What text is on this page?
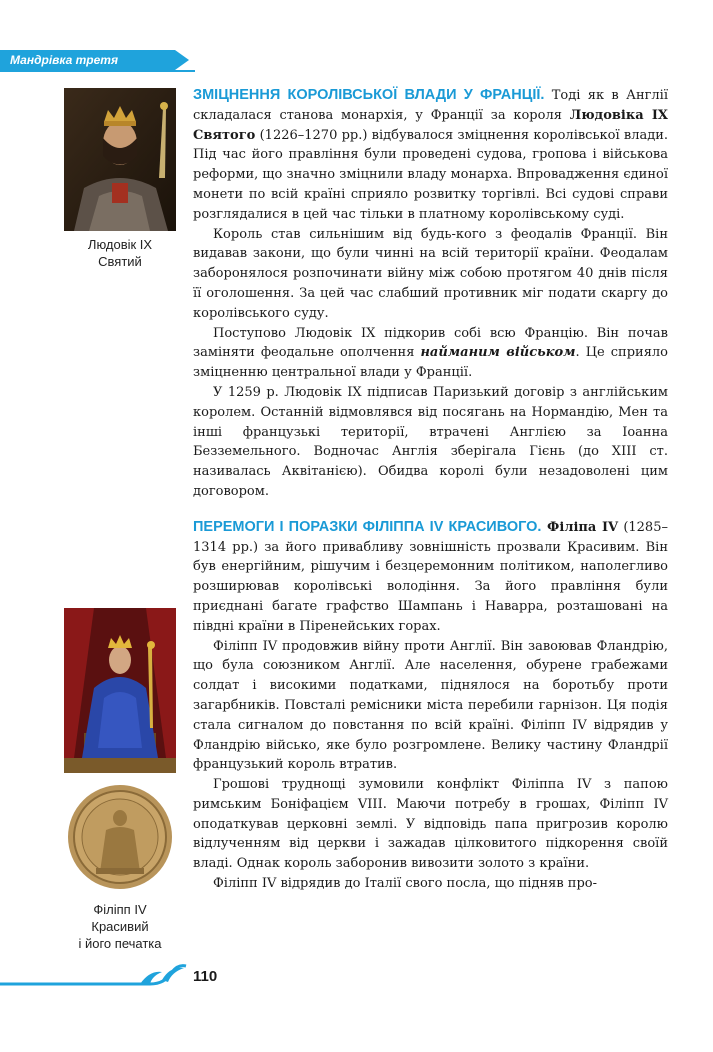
Мандрівка третя
Людовік IX
Святий
Філіпп IV
Красивий
і його печатка

ЗМІЦНЕННЯ КОРОЛІВСЬКОЇ ВЛАДИ У ФРАНЦІЇ. Тоді як в Англії складалася станова монархія, у Франції за короля Людовіка IX Святого (1226–1270 рр.) відбувалося зміцнення королівської влади. Під час його правління були проведені судова, гропова і військова реформи, що значно зміцнили владу монарха. Впровадження єдиної монети по всій країні сприяло розвитку торгівлі. Всі судові справи розглядалися в цей час тільки в платному королівському суді.

Король став сильнішим від будь-кого з феодалів Франції. Він видавав закони, що були чинні на всій території країни. Феодалам заборонялося розпочинати війну між собою протягом 40 днів після її оголошення. За цей час слабший противник міг подати скаргу до королівського суду.

Поступово Людовік IX підкорив собі всю Францію. Він почав заміняти феодальне ополчення найманим військом. Це сприяло зміцненню центральної влади у Франції.

У 1259 р. Людовік IX підписав Паризький договір з англійським королем. Останній відмовлявся від посягань на Нормандію, Мен та інші французькі території, втрачені Англією за Іоанна Безземельного. Водночас Англія зберігала Гієнь (до XIII ст. називалась Аквітанією). Обидва королі були незадоволені цим договором.

ПЕРЕМОГИ І ПОРАЗКИ ФІЛІППА IV КРАСИВОГО. Філіпа IV (1285–1314 рр.) за його привабливу зовнішність прозвали Красивим. Він був енергійним, рішучим і безцеремонним політиком, наполегливо розширював королівські володіння. За його правління були приєднані багате графство Шампань і Наварра, розташовані на півдні країни в Піренейських горах.

Філіпп IV продовжив війну проти Англії. Він завоював Фландрію, що була союзником Англії. Але населення, обурене грабежами солдат і високими податками, піднялося на боротьбу проти загарбників. Повсталі ремісники міста перебили гарнізон. Ця подія стала сигналом до повстання по всій країні. Філіпп IV відрядив у Фландрію військо, яке було розгромлене. Велику частину Фландрії французький король втратив.

Грошові труднощі зумовили конфлікт Філіппа IV з папою римським Боніфацієм VIII. Маючи потребу в грошах, Філіпп IV оподаткував церковні землі. У відповідь папа пригрозив королю відлученням від церкви і зажадав цілковитого підкорення своїй владі. Однак король заборонив вивозити золото з країни.

Філіпп IV відрядив до Італії свого посла, що підняв про-

110
